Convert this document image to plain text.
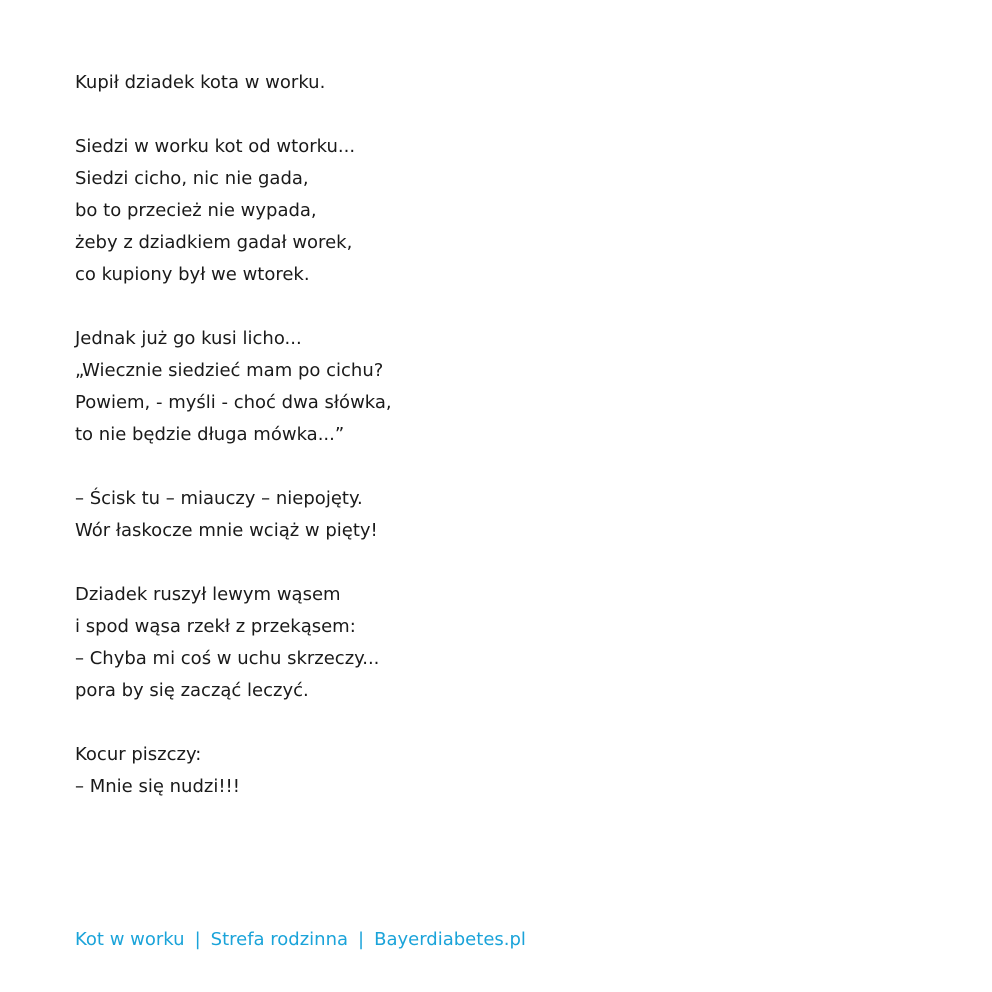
Kupił dziadek kota w worku.
Siedzi w worku kot od wtorku...
Siedzi cicho, nic nie gada,
bo to przecież nie wypada,
żeby z dziadkiem gadał worek,
co kupiony był we wtorek.
Jednak już go kusi licho...
„Wiecznie siedzieć mam po cichu?
Powiem, - myśli - choć dwa słówka,
to nie będzie długa mówka...”
– Ścisk tu – miauczy – niepojęty.
Wór łaskocze mnie wciąż w pięty!
Dziadek ruszył lewym wąsem
i spod wąsa rzekł z przekąsem:
– Chyba mi coś w uchu skrzeczy...
pora by się zacząć leczyć.
Kocur piszczy:
– Mnie się nudzi!!!
Kot w worku | Strefa rodzinna | Bayerdiabetes.pl
